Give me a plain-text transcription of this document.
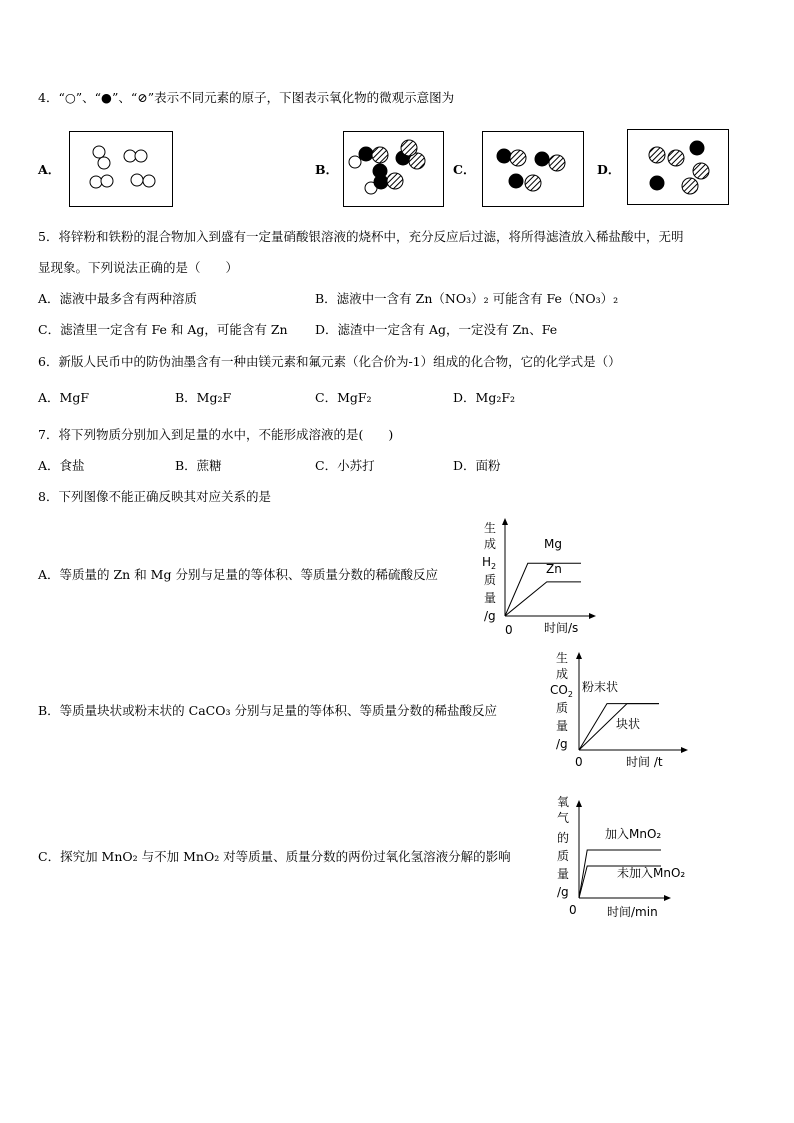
4．“○”、“●”、“⊘”表示不同元素的原子，下图表示氧化物的微观示意图为
A．	B．	C．	D．
5．将锌粉和铁粉的混合物加入到盛有一定量硝酸银溶液的烧杯中，充分反应后过滤，将所得滤渣放入稀盐酸中，无明
显现象。下列说法正确的是（　　）
A．滤液中最多含有两种溶质	B．滤液中一含有 Zn（NO₃）₂ 可能含有 Fe（NO₃）₂
C．滤渣里一定含有 Fe 和 Ag，可能含有 Zn D．滤渣中一定含有 Ag，一定没有 Zn、Fe
6．新版人民币中的防伪油墨含有一种由镁元素和氟元素（化合价为-1）组成的化合物，它的化学式是（）
A．MgF	B．Mg₂F	C．MgF₂	D．Mg₂F₂
7．将下列物质分别加入到足量的水中，不能形成溶液的是(　　)
A．食盐	B．蔗糖	C．小苏打	D．面粉
8．下列图像不能正确反映其对应关系的是
A．等质量的 Zn 和 Mg 分别与足量的等体积、等质量分数的稀硫酸反应
B．等质量块状或粉末状的 CaCO₃ 分别与足量的等体积、等质量分数的稀盐酸反应
C．探究加 MnO₂ 与不加 MnO₂ 对等质量、质量分数的两份过氧化氢溶液分解的影响
生
成
$H_2$
质
量
/g
0	时间/s
Mg
Zn
生
成
$CO_2$
质
量
/g
0	时间 /t
粉末状
块状
氧
气
的
质
量
/g
0	时间/min
加入MnO₂
未加入MnO₂
